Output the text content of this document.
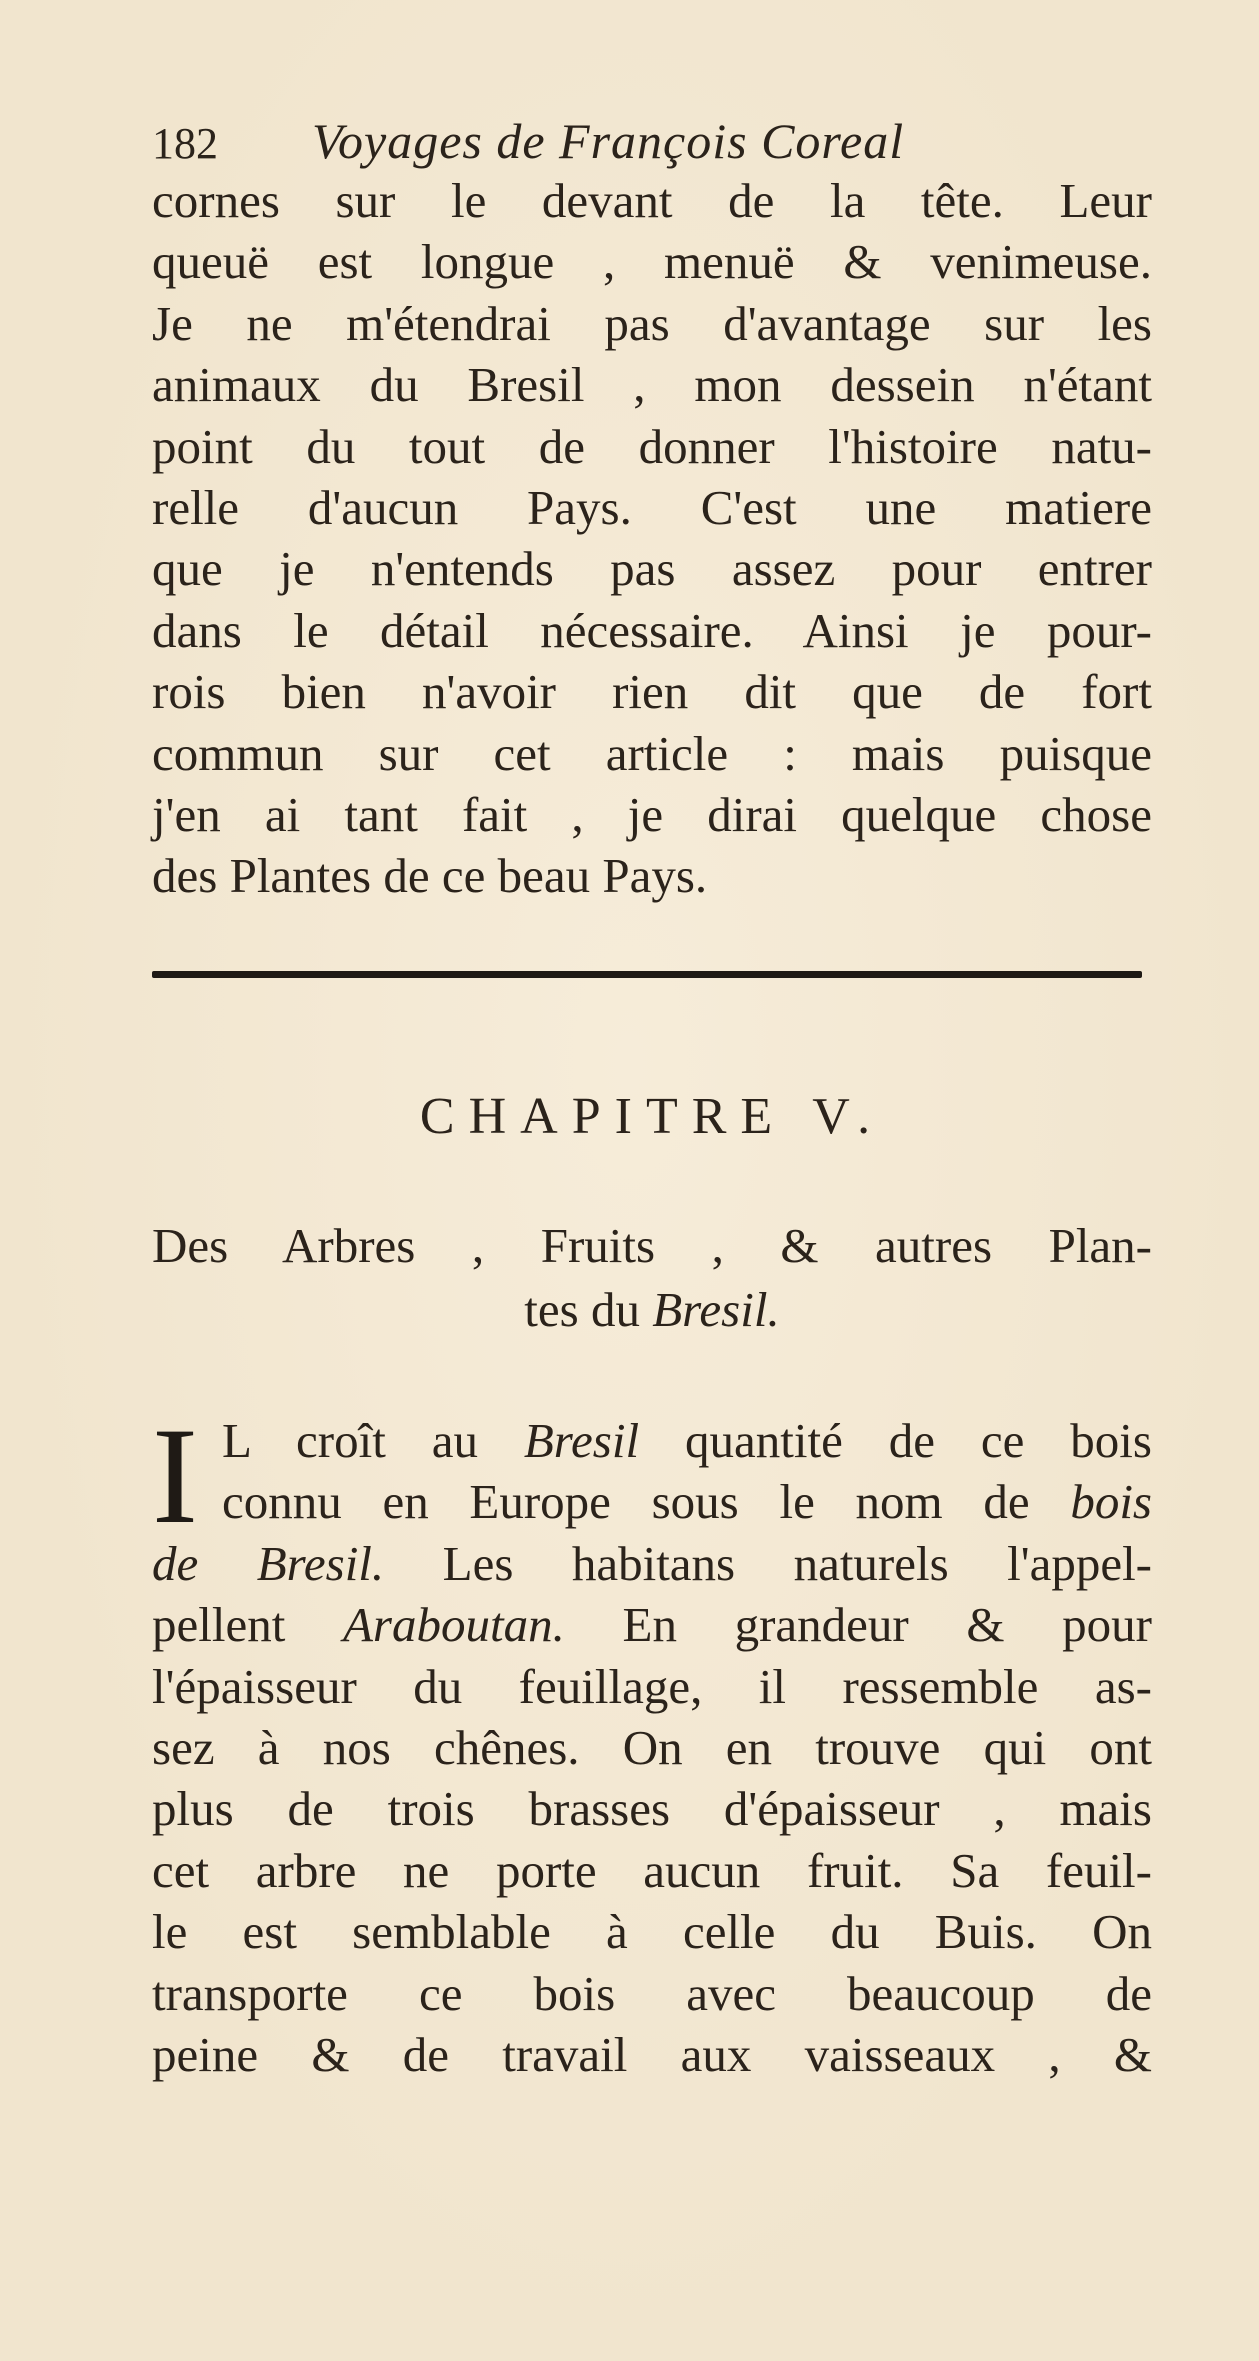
182 Voyages de François Coreal
cornes sur le devant de la tête. Leur
queuë est longue , menuë & venimeuse.
Je ne m'étendrai pas d'avantage sur les
animaux du Bresil , mon dessein n'étant
point du tout de donner l'histoire natu-
relle d'aucun Pays. C'est une matiere
que je n'entends pas assez pour entrer
dans le détail nécessaire. Ainsi je pour-
rois bien n'avoir rien dit que de fort
commun sur cet article : mais puisque
j'en ai tant fait , je dirai quelque chose
des Plantes de ce beau Pays.
CHAPITRE V.
Des Arbres , Fruits , & autres Plan-
tes du Bresil.
I L croît au Bresil quantité de ce bois
connu en Europe sous le nom de bois
de Bresil. Les habitans naturels l'appel-
pellent Araboutan. En grandeur & pour
l'épaisseur du feuillage, il ressemble as-
sez à nos chênes. On en trouve qui ont
plus de trois brasses d'épaisseur , mais
cet arbre ne porte aucun fruit. Sa feuil-
le est semblable à celle du Buis. On
transporte ce bois avec beaucoup de
peine & de travail aux vaisseaux , &
